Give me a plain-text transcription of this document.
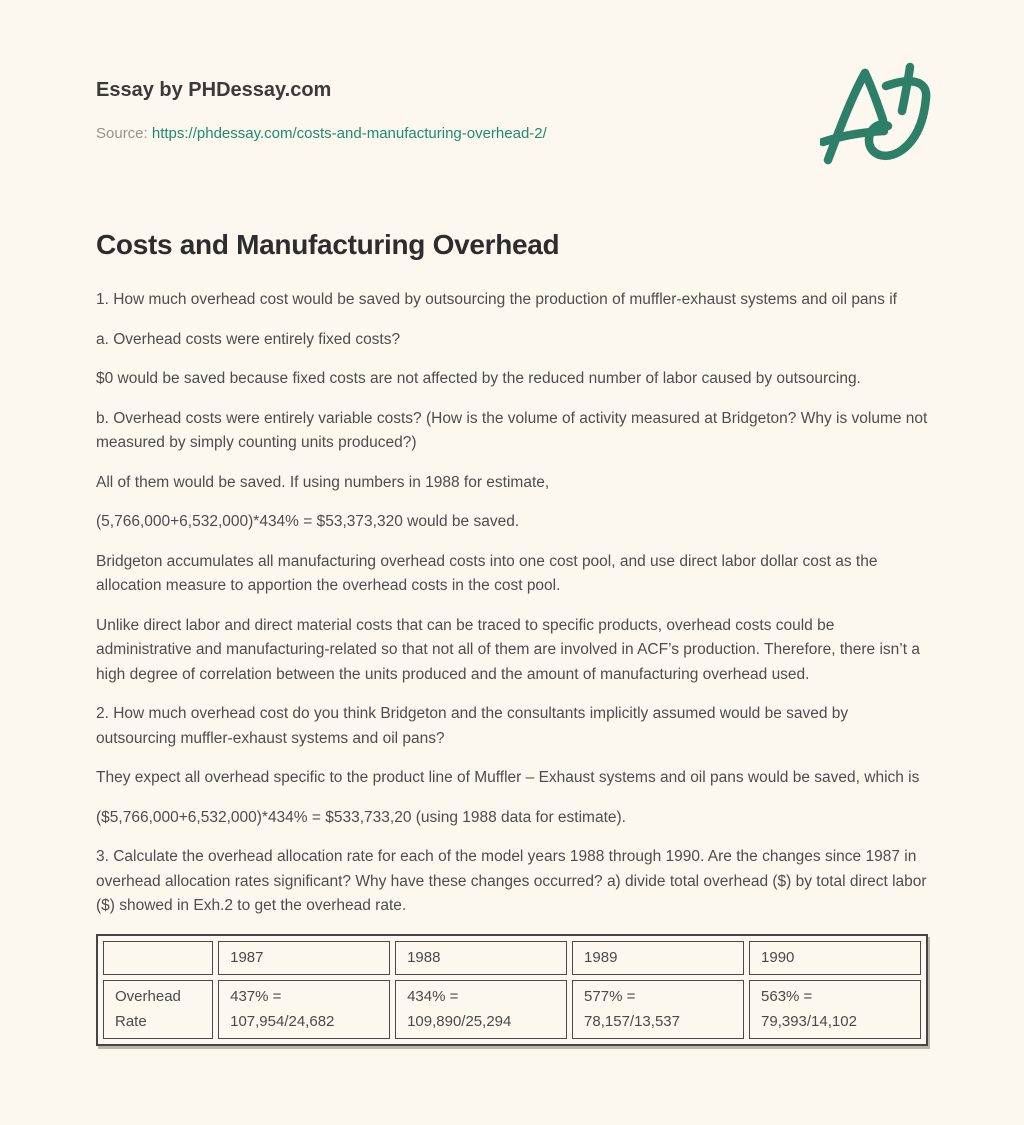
Essay by PHDessay.com

Source: https://phdessay.com/costs-and-manufacturing-overhead-2/

Costs and Manufacturing Overhead

1. How much overhead cost would be saved by outsourcing the production of muffler-exhaust systems and oil pans if

a. Overhead costs were entirely fixed costs?

$0 would be saved because fixed costs are not affected by the reduced number of labor caused by outsourcing.

b. Overhead costs were entirely variable costs? (How is the volume of activity measured at Bridgeton? Why is volume not measured by simply counting units produced?)

All of them would be saved. If using numbers in 1988 for estimate,

(5,766,000+6,532,000)*434% = $53,373,320 would be saved.

Bridgeton accumulates all manufacturing overhead costs into one cost pool, and use direct labor dollar cost as the allocation measure to apportion the overhead costs in the cost pool.

Unlike direct labor and direct material costs that can be traced to specific products, overhead costs could be administrative and manufacturing-related so that not all of them are involved in ACF’s production. Therefore, there isn’t a high degree of correlation between the units produced and the amount of manufacturing overhead used.

2. How much overhead cost do you think Bridgeton and the consultants implicitly assumed would be saved by outsourcing muffler-exhaust systems and oil pans?

They expect all overhead specific to the product line of Muffler – Exhaust systems and oil pans would be saved, which is

($5,766,000+6,532,000)*434% = $533,733,20 (using 1988 data for estimate).

3. Calculate the overhead allocation rate for each of the model years 1988 through 1990. Are the changes since 1987 in overhead allocation rates significant? Why have these changes occurred? a) divide total overhead ($) by total direct labor ($) showed in Exh.2 to get the overhead rate.

	1987	1988	1989	1990
Overhead Rate	437% = 107,954/24,682	434% = 109,890/25,294	577% = 78,157/13,537	563% = 79,393/14,102
